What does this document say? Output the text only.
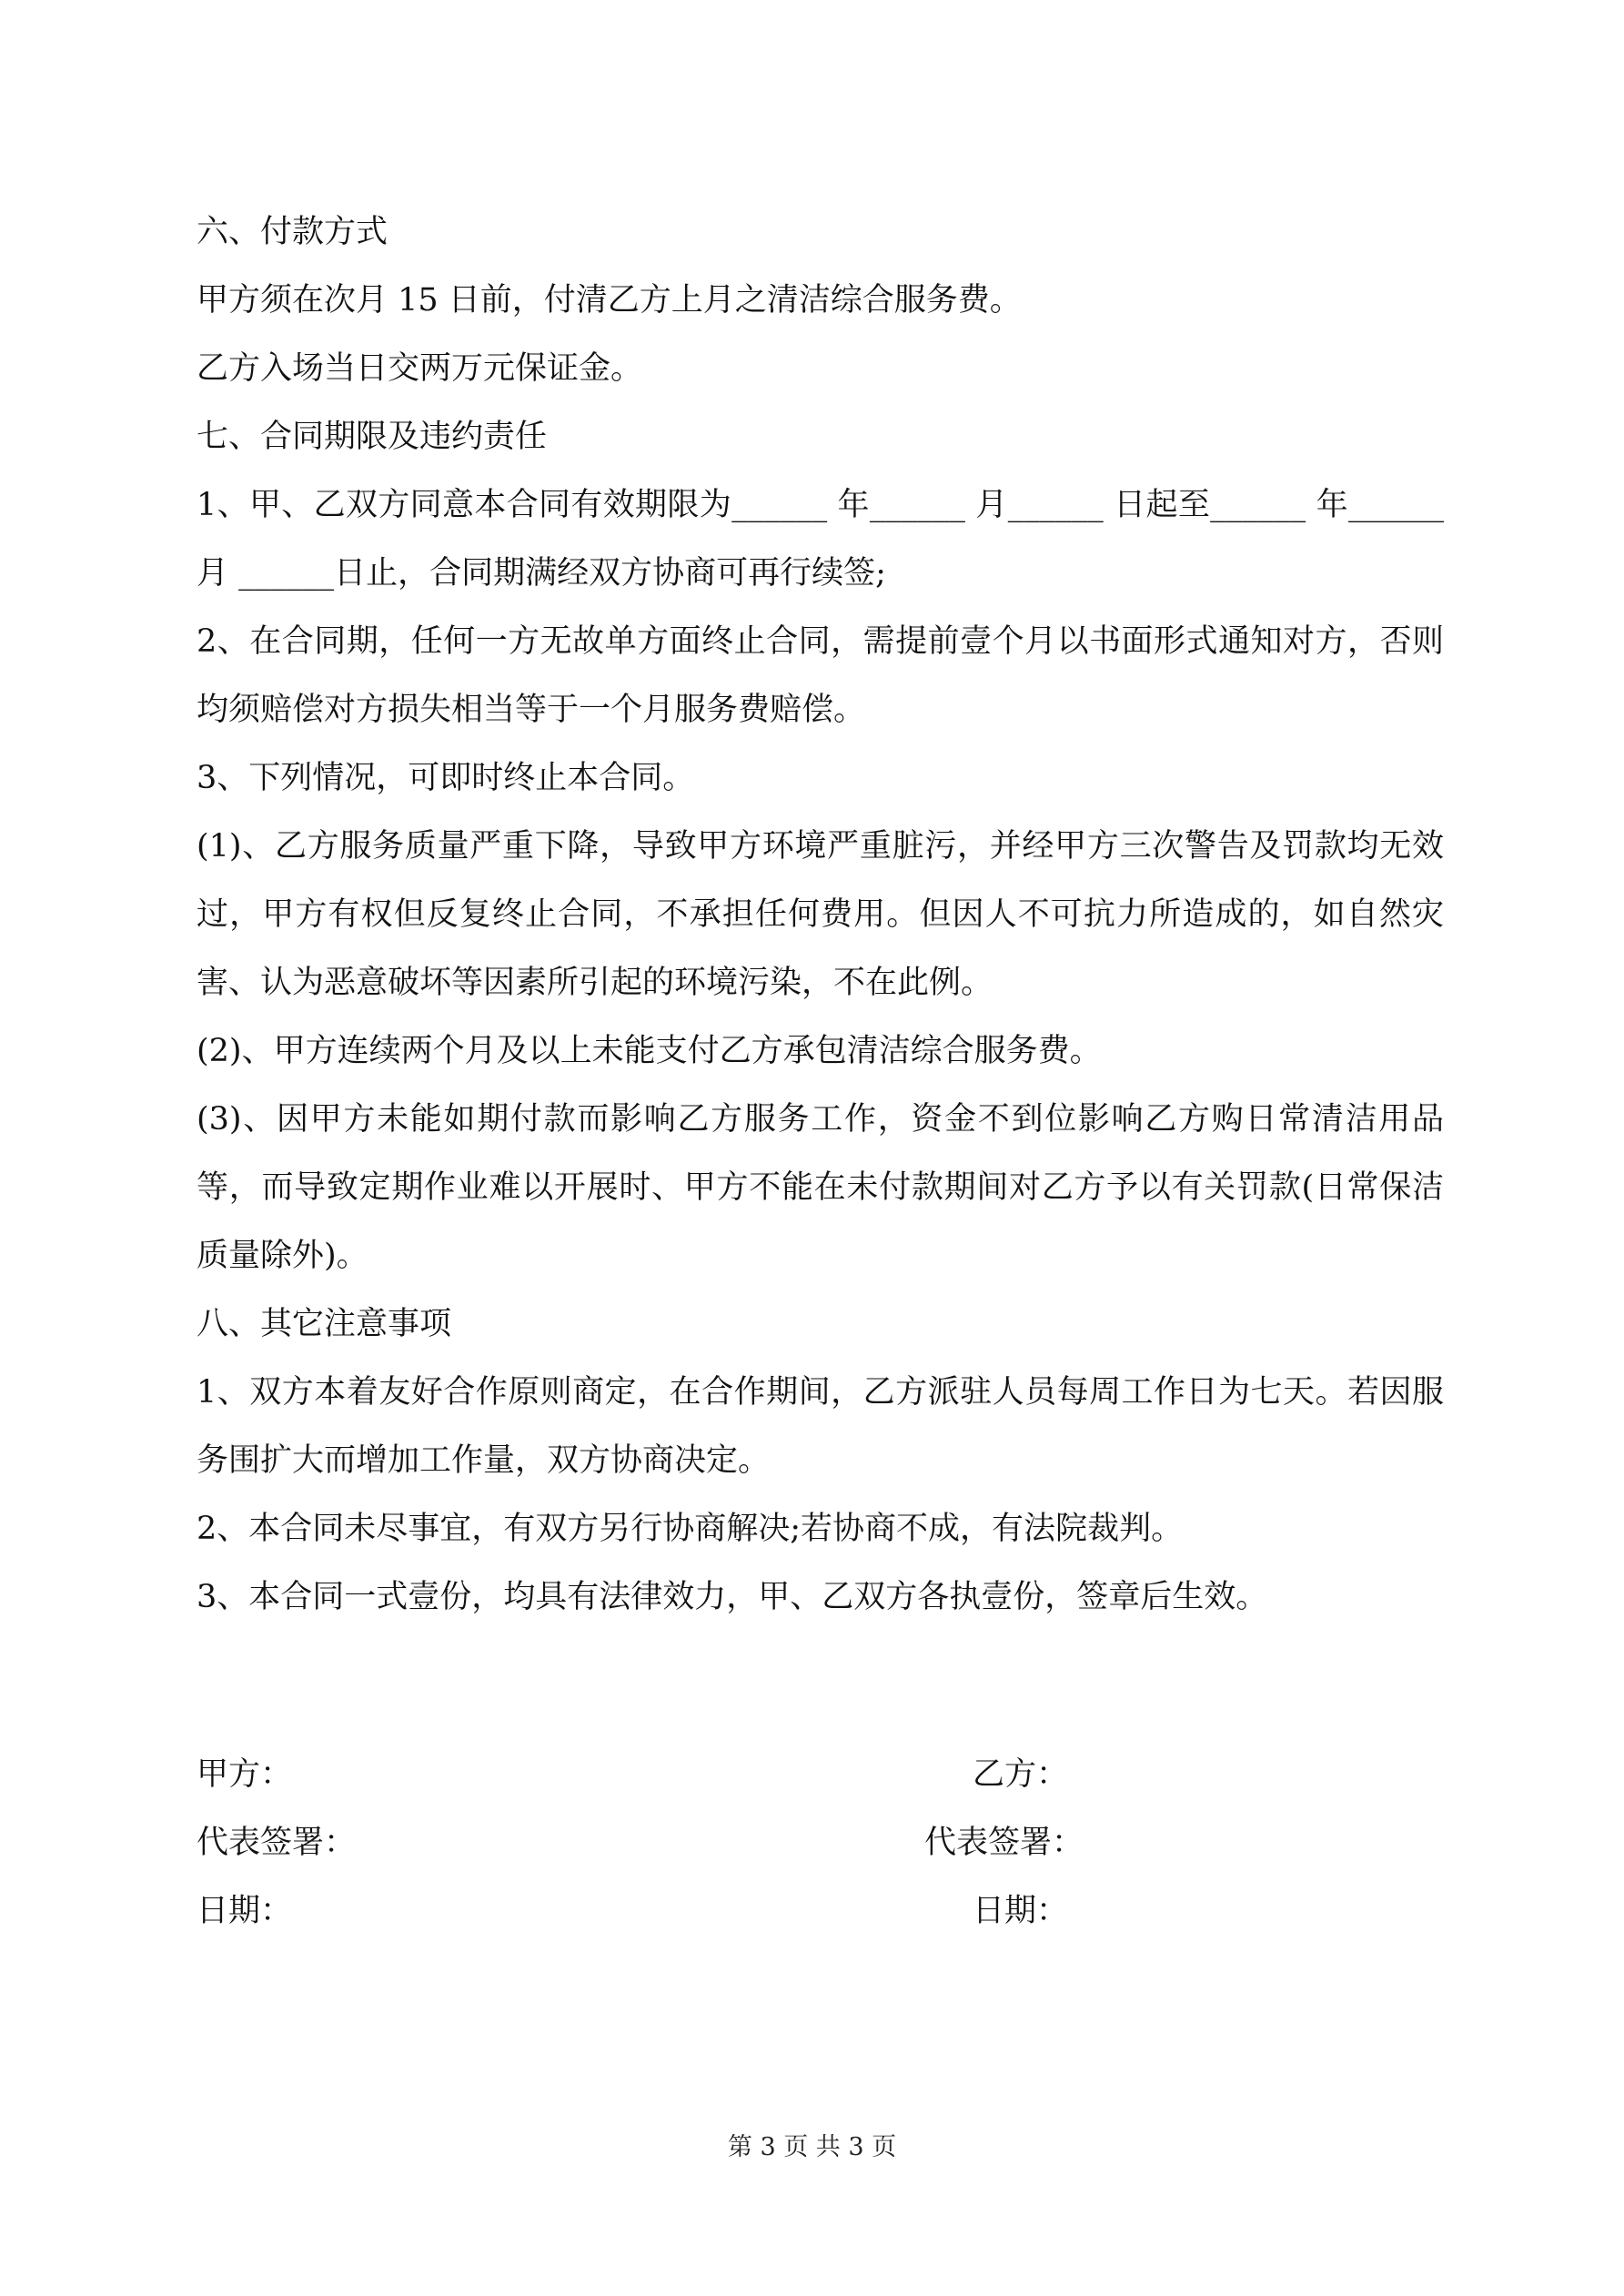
六、付款方式

甲方须在次月 15 日前，付清乙方上月之清洁综合服务费。

乙方入场当日交两万元保证金。

七、合同期限及违约责任

1、甲、乙双方同意本合同有效期限为______ 年______ 月______ 日起至______ 年______月 ______日止，合同期满经双方协商可再行续签;

2、在合同期，任何一方无故单方面终止合同，需提前壹个月以书面形式通知对方，否则均须赔偿对方损失相当等于一个月服务费赔偿。

3、下列情况，可即时终止本合同。

(1)、乙方服务质量严重下降，导致甲方环境严重脏污，并经甲方三次警告及罚款均无效过，甲方有权但反复终止合同，不承担任何费用。但因人不可抗力所造成的，如自然灾害、认为恶意破坏等因素所引起的环境污染，不在此例。

(2)、甲方连续两个月及以上未能支付乙方承包清洁综合服务费。

(3)、因甲方未能如期付款而影响乙方服务工作，资金不到位影响乙方购日常清洁用品等，而导致定期作业难以开展时、甲方不能在未付款期间对乙方予以有关罚款(日常保洁质量除外)。

八、其它注意事项

1、双方本着友好合作原则商定，在合作期间，乙方派驻人员每周工作日为七天。若因服务围扩大而增加工作量，双方协商决定。

2、本合同未尽事宜，有双方另行协商解决;若协商不成，有法院裁判。

3、本合同一式壹份，均具有法律效力，甲、乙双方各执壹份，签章后生效。

甲方：	乙方：
代表签署：	代表签署：
日期：	日期：
第 3 页 共 3 页
